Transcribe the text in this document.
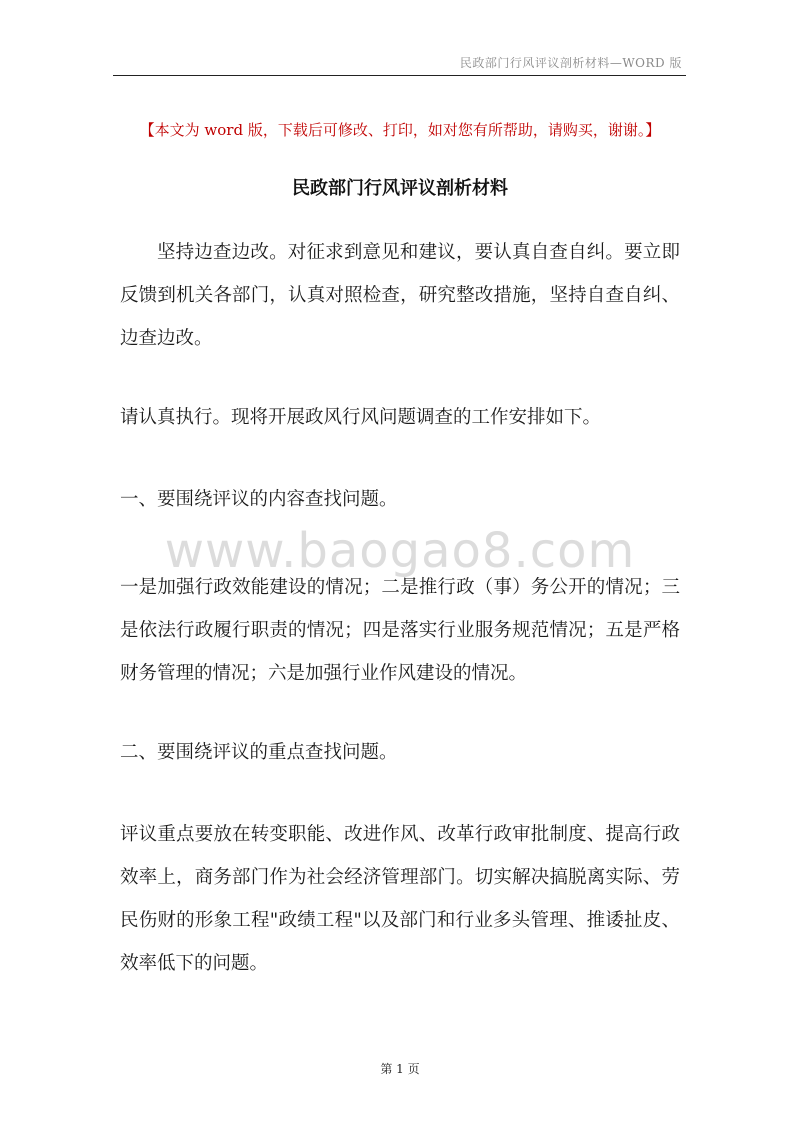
民政部门行风评议剖析材料—WORD 版
【本文为 word 版，下载后可修改、打印，如对您有所帮助，请购买，谢谢。】
民政部门行风评议剖析材料

坚持边查边改。对征求到意见和建议，要认真自查自纠。要立即反馈到机关各部门，认真对照检查，研究整改措施，坚持自查自纠、边查边改。

请认真执行。现将开展政风行风问题调查的工作安排如下。

一、要围绕评议的内容查找问题。

www.baogao8.com

一是加强行政效能建设的情况；二是推行政（事）务公开的情况；三是依法行政履行职责的情况；四是落实行业服务规范情况；五是严格财务管理的情况；六是加强行业作风建设的情况。

二、要围绕评议的重点查找问题。

评议重点要放在转变职能、改进作风、改革行政审批制度、提高行政效率上，商务部门作为社会经济管理部门。切实解决搞脱离实际、劳民伤财的形象工程"政绩工程"以及部门和行业多头管理、推诿扯皮、效率低下的问题。

第 1 页
